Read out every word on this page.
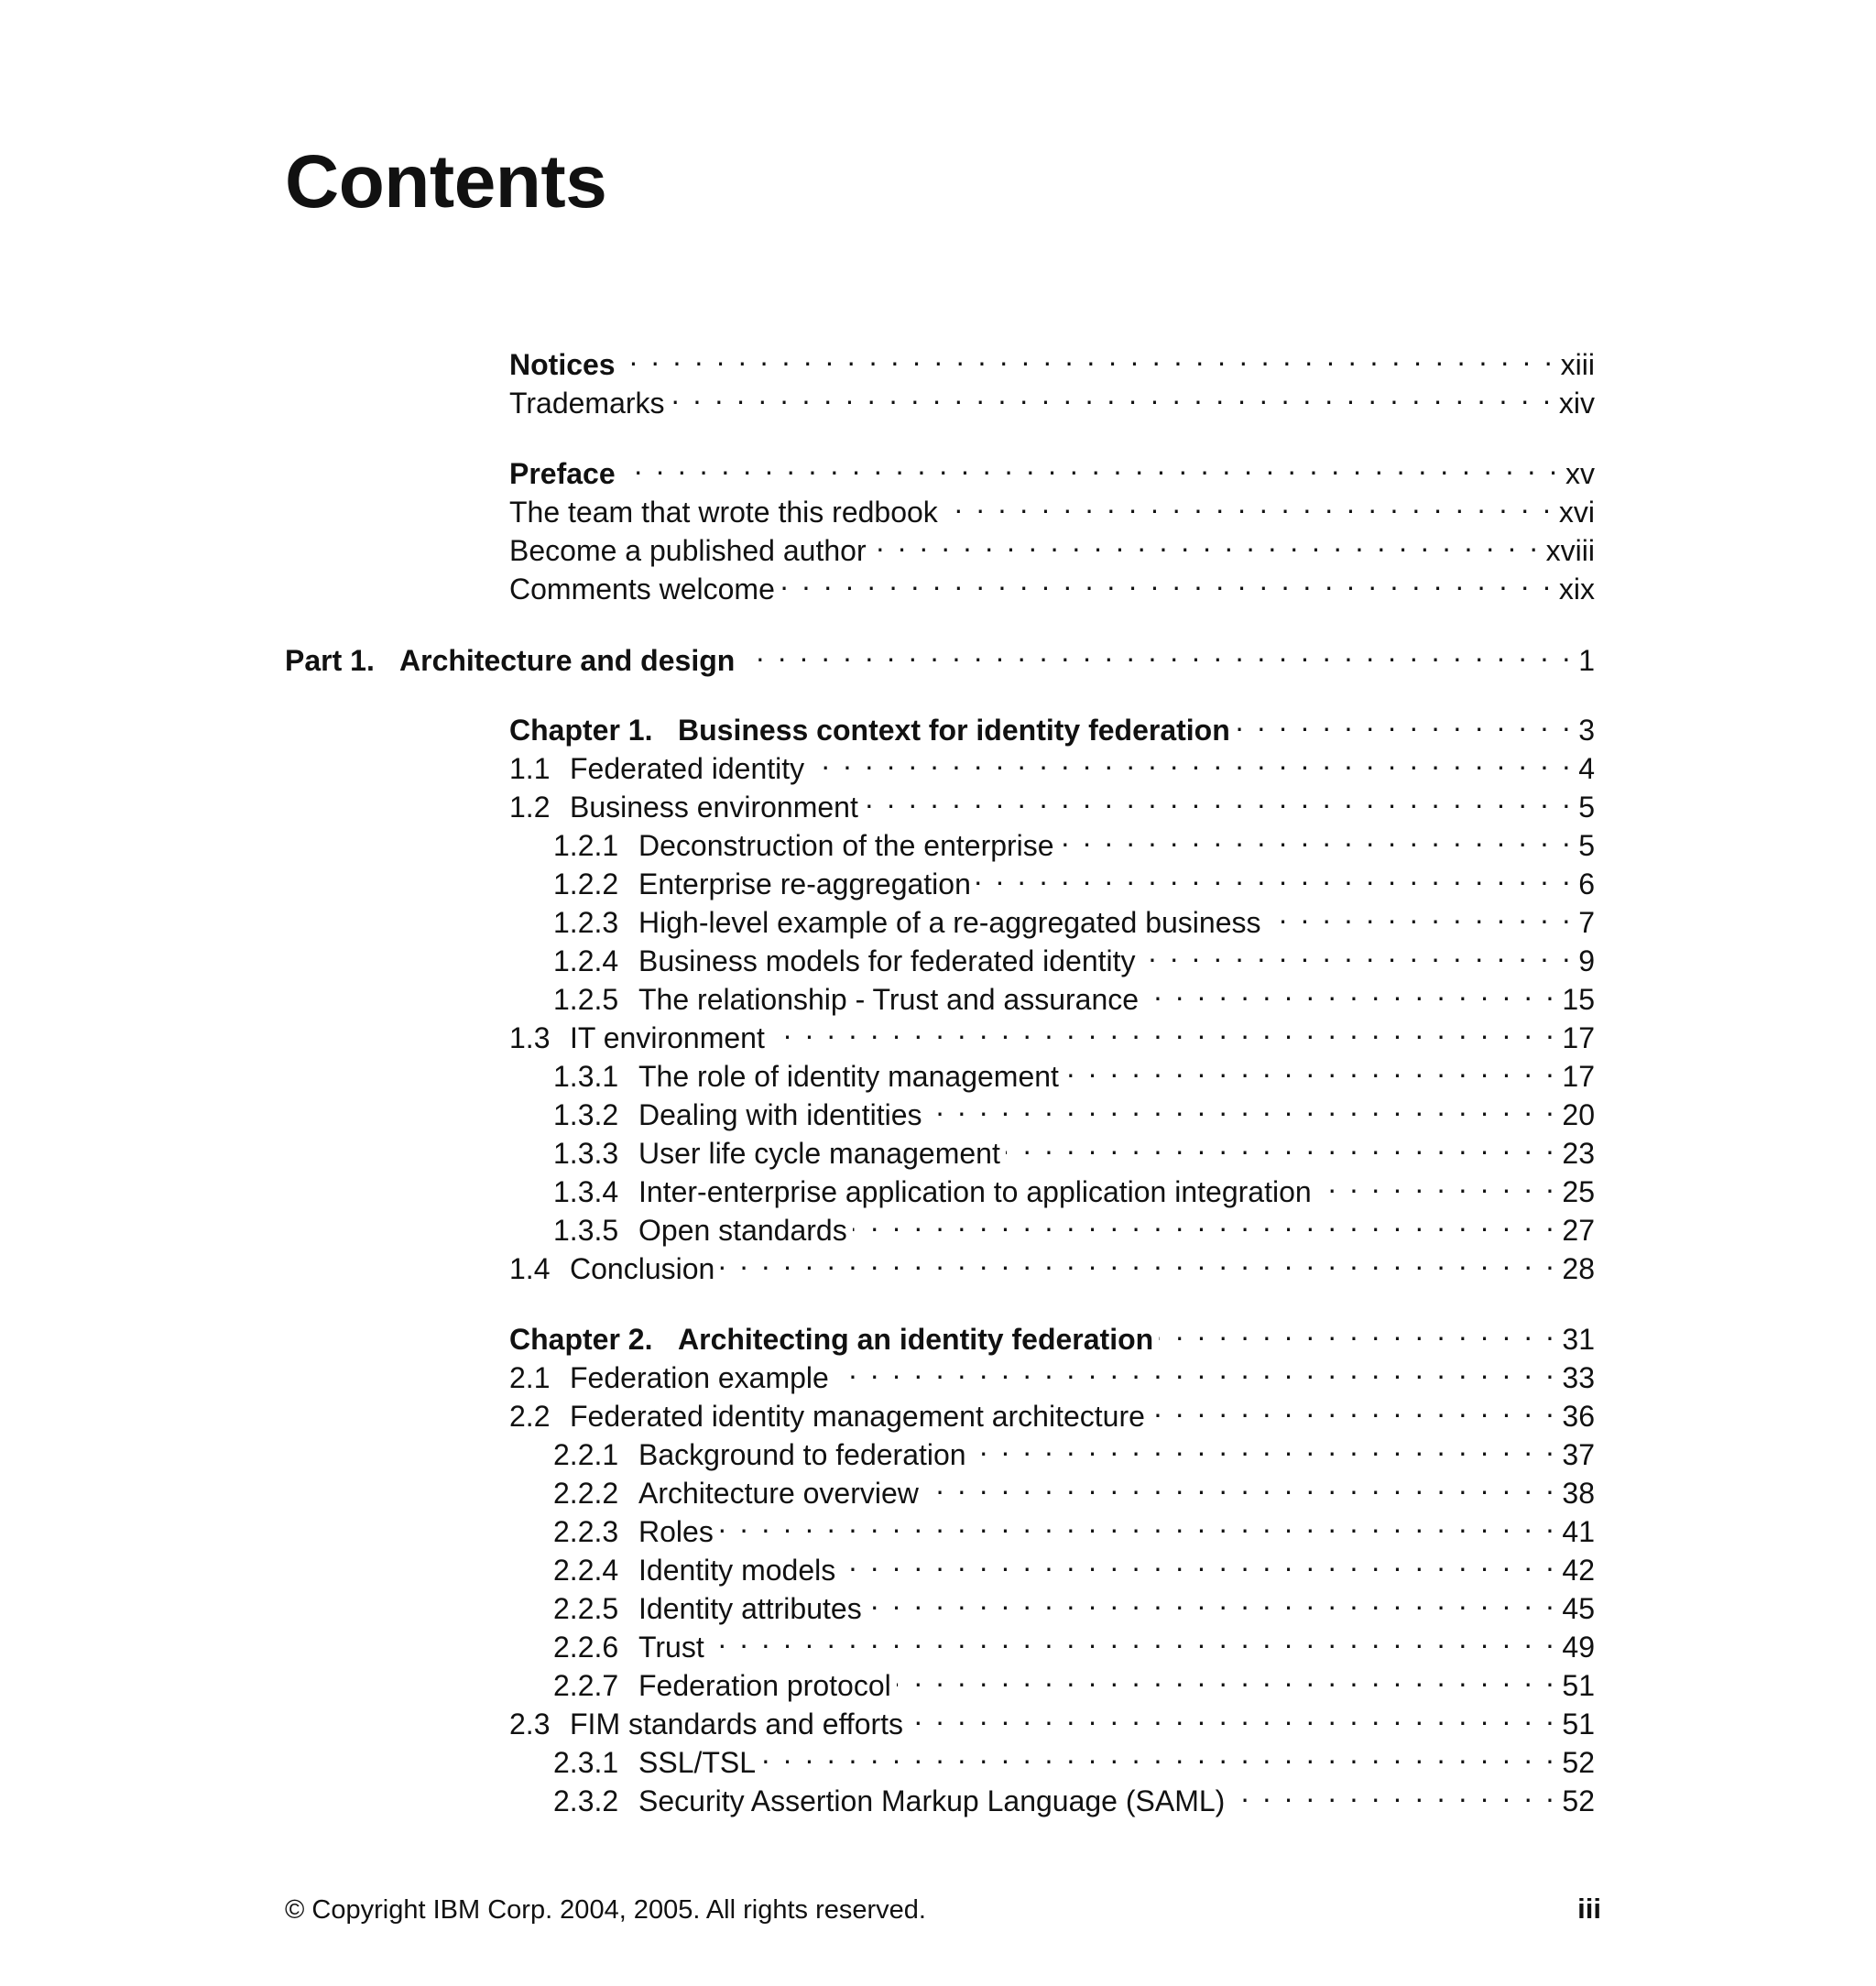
Contents
Notices . . .	xiii
Trademarks . . .	xiv
Preface . . .	xv
The team that wrote this redbook . . .	xvi
Become a published author . . .	xviii
Comments welcome . . .	xix
Part 1. Architecture and design . . .	1
Chapter 1. Business context for identity federation . . .	3
1.1 Federated identity . . .	4
1.2 Business environment . . .	5
1.2.1 Deconstruction of the enterprise . . .	5
1.2.2 Enterprise re-aggregation . . .	6
1.2.3 High-level example of a re-aggregated business . . .	7
1.2.4 Business models for federated identity . . .	9
1.2.5 The relationship - Trust and assurance . . .	15
1.3 IT environment . . .	17
1.3.1 The role of identity management . . .	17
1.3.2 Dealing with identities . . .	20
1.3.3 User life cycle management . . .	23
1.3.4 Inter-enterprise application to application integration . . .	25
1.3.5 Open standards . . .	27
1.4 Conclusion . . .	28
Chapter 2. Architecting an identity federation . . .	31
2.1 Federation example . . .	33
2.2 Federated identity management architecture . . .	36
2.2.1 Background to federation . . .	37
2.2.2 Architecture overview . . .	38
2.2.3 Roles . . .	41
2.2.4 Identity models . . .	42
2.2.5 Identity attributes . . .	45
2.2.6 Trust . . .	49
2.2.7 Federation protocol . . .	51
2.3 FIM standards and efforts . . .	51
2.3.1 SSL/TSL . . .	52
2.3.2 Security Assertion Markup Language (SAML) . . .	52
© Copyright IBM Corp. 2004, 2005. All rights reserved.	iii
